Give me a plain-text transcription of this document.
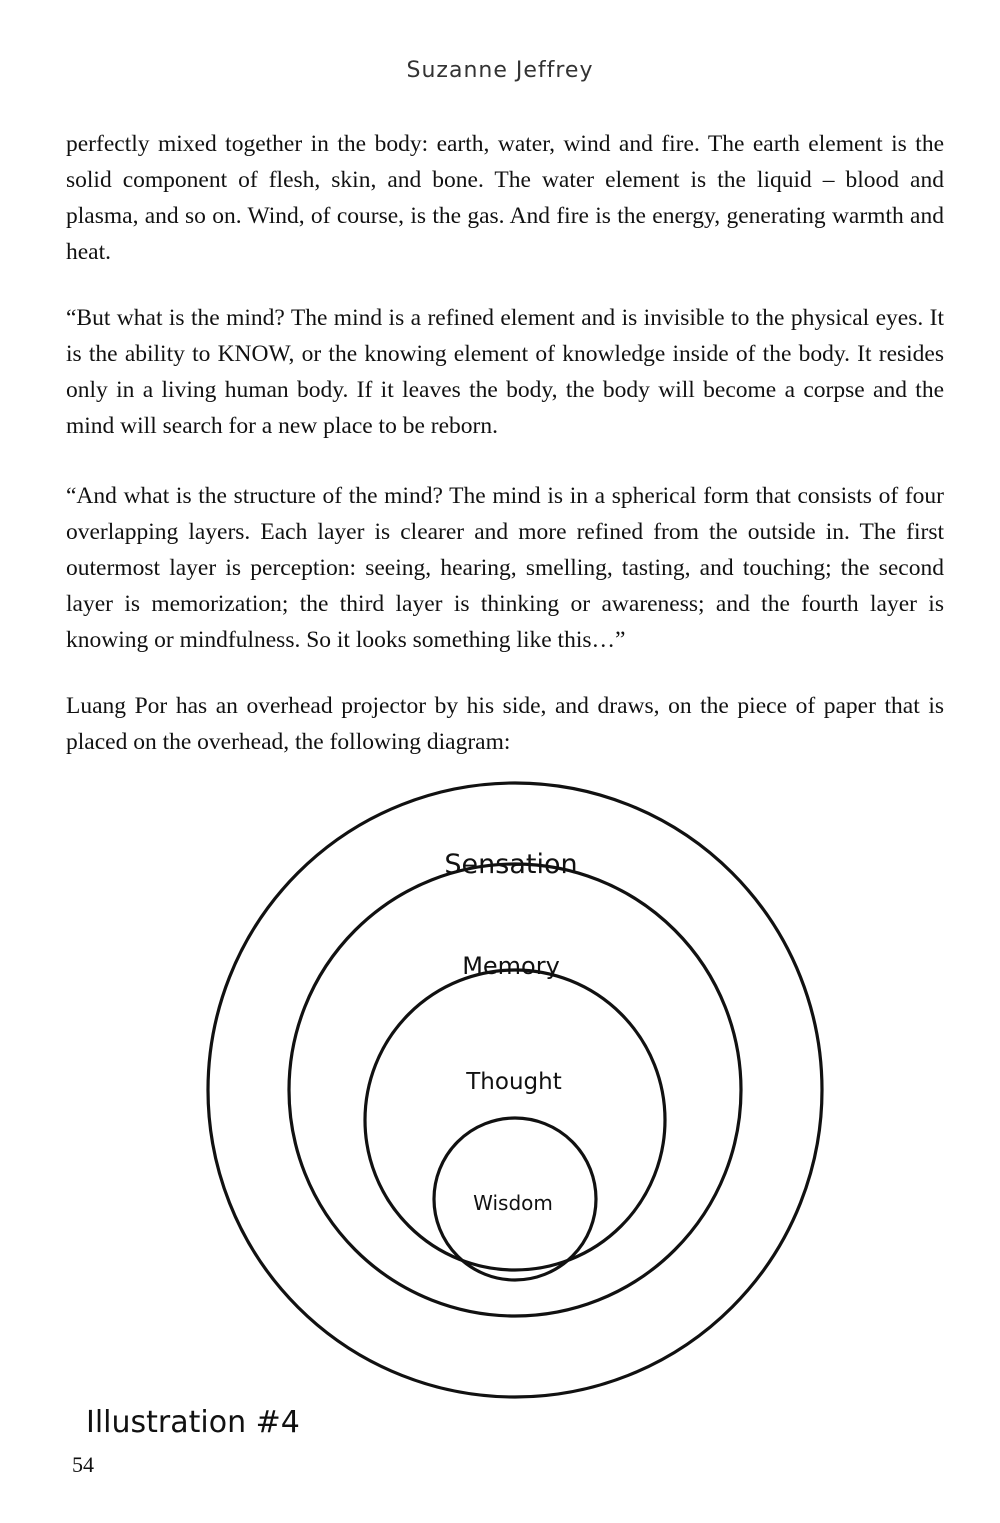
Suzanne Jeffrey

perfectly mixed together in the body: earth, water, wind and fire. The earth element is the solid component of flesh, skin, and bone. The water element is the liquid – blood and plasma, and so on. Wind, of course, is the gas. And fire is the energy, generating warmth and heat.

“But what is the mind? The mind is a refined element and is invisible to the physical eyes. It is the ability to KNOW, or the knowing element of knowledge inside of the body. It resides only in a living human body. If it leaves the body, the body will become a corpse and the mind will search for a new place to be reborn.

“And what is the structure of the mind? The mind is in a spherical form that consists of four overlapping layers. Each layer is clearer and more refined from the outside in. The first outermost layer is perception: seeing, hearing, smelling, tasting, and touching; the second layer is memorization; the third layer is thinking or awareness; and the fourth layer is knowing or mindfulness. So it looks something like this…”

Luang Por has an overhead projector by his side, and draws, on the piece of paper that is placed on the overhead, the following diagram:

Sensation
Memory
Thought
Wisdom
Illustration #4
54
